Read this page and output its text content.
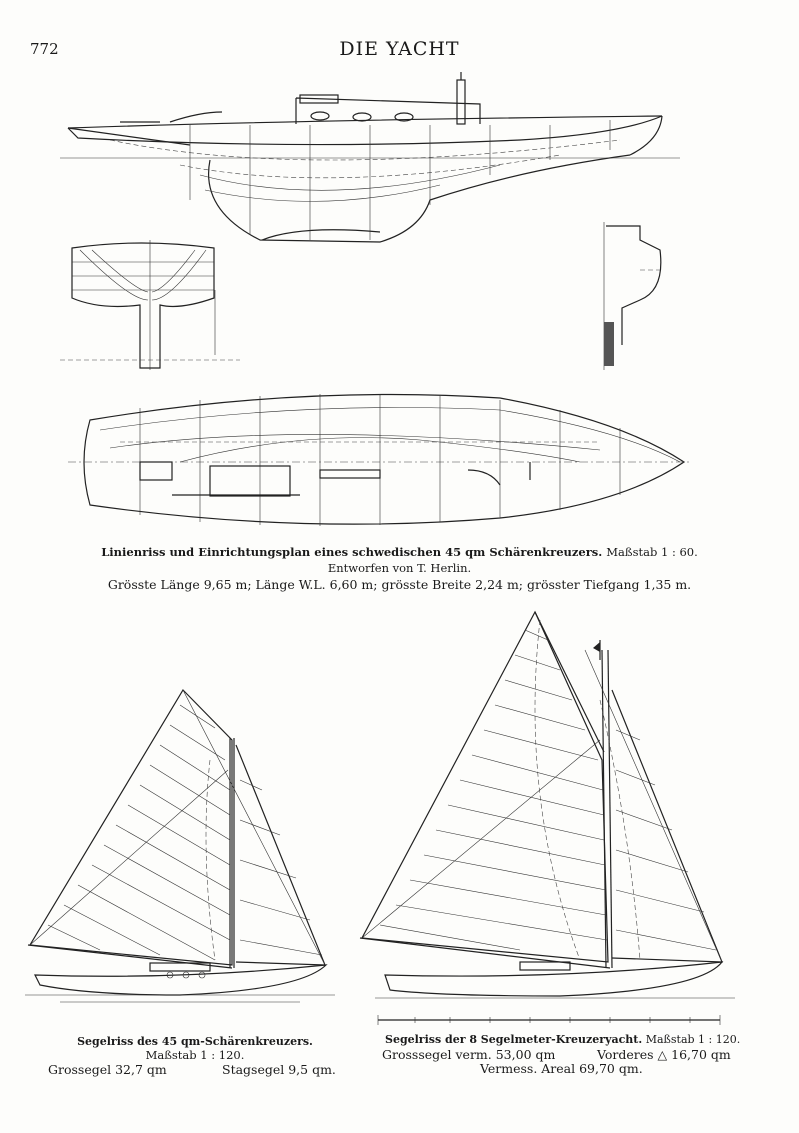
772	DIE YACHT
Linienriss und Einrichtungsplan eines schwedischen 45 qm Schärenkreuzers. Maßstab 1 : 60.
Entworfen von T. Herlin.
Grösste Länge 9,65 m; Länge W.L. 6,60 m; grösste Breite 2,24 m; grösster Tiefgang 1,35 m.
Segelriss des 45 qm-Schärenkreuzers.
Maßstab 1 : 120.
Grossegel 32,7 qm	Stagsegel 9,5 qm.
Segelriss der 8 Segelmeter-Kreuzeryacht. Maßstab 1 : 120.
Grosssegel verm. 53,00 qm	Vorderes △ 16,70 qm
Vermess. Areal 69,70 qm.
